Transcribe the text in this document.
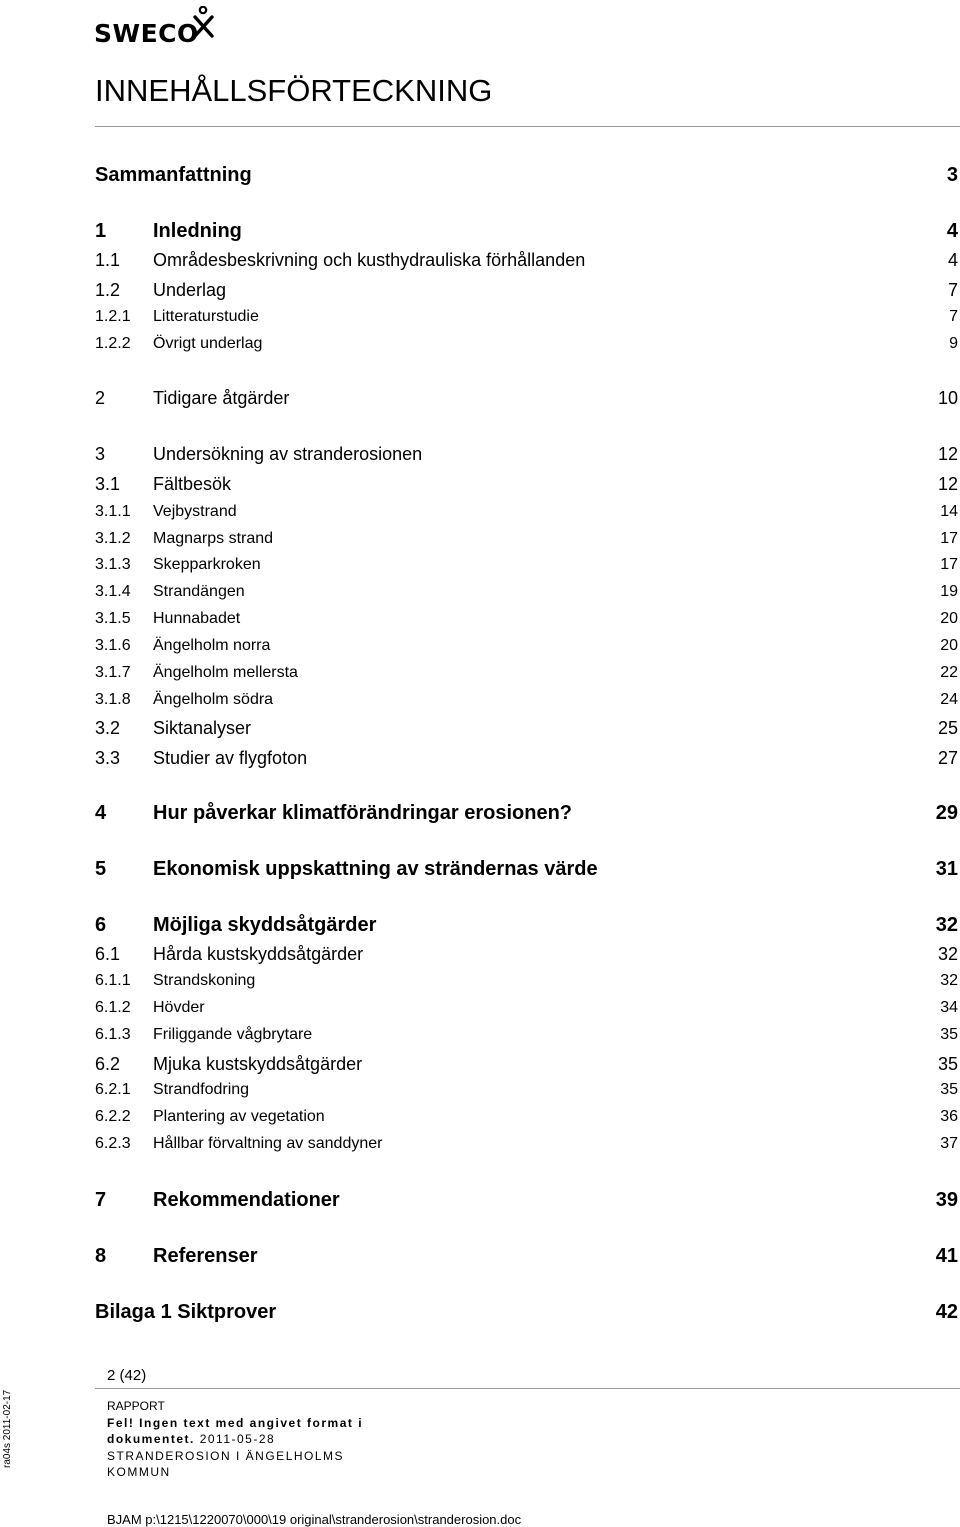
SWECO
INNEHÅLLSFÖRTECKNING
Sammanfattning	3
1 Inledning	4
1.1 Områdesbeskrivning och kusthydrauliska förhållanden	4
1.2 Underlag	7
1.2.1 Litteraturstudie	7
1.2.2 Övrigt underlag	9
2	Tidigare åtgärder	10
3	Undersökning av stranderosionen	12
3.1 Fältbesök	12
3.1.1 Vejbystrand	14
3.1.2 Magnarps strand	17
3.1.3 Skepparkroken	17
3.1.4 Strandängen	19
3.1.5 Hunnabadet	20
3.1.6 Ängelholm norra	20
3.1.7 Ängelholm mellersta	22
3.1.8 Ängelholm södra	24
3.2 Siktanalyser	25
3.3 Studier av flygfoton	27
4 Hur påverkar klimatförändringar erosionen?	29
5 Ekonomisk uppskattning av strändernas värde	31
6 Möjliga skyddsåtgärder	32
6.1 Hårda kustskyddsåtgärder	32
6.1.1 Strandskoning	32
6.1.2 Hövder	34
6.1.3 Friliggande vågbrytare	35
6.2 Mjuka kustskyddsåtgärder	35
6.2.1 Strandfodring	35
6.2.2 Plantering av vegetation	36
6.2.3 Hållbar förvaltning av sanddyner	37
7 Rekommendationer	39
8 Referenser	41
Bilaga 1 Siktprover	42
2 (42)
ra04s 2011-02-17	RAPPORT
Fel! Ingen text med angivet format i
dokumentet. 2011-05-28
STRANDEROSION I ÄNGELHOLMS
KOMMUN
BJAM p:\1215\1220070\000\19 original\stranderosion\stranderosion.doc
